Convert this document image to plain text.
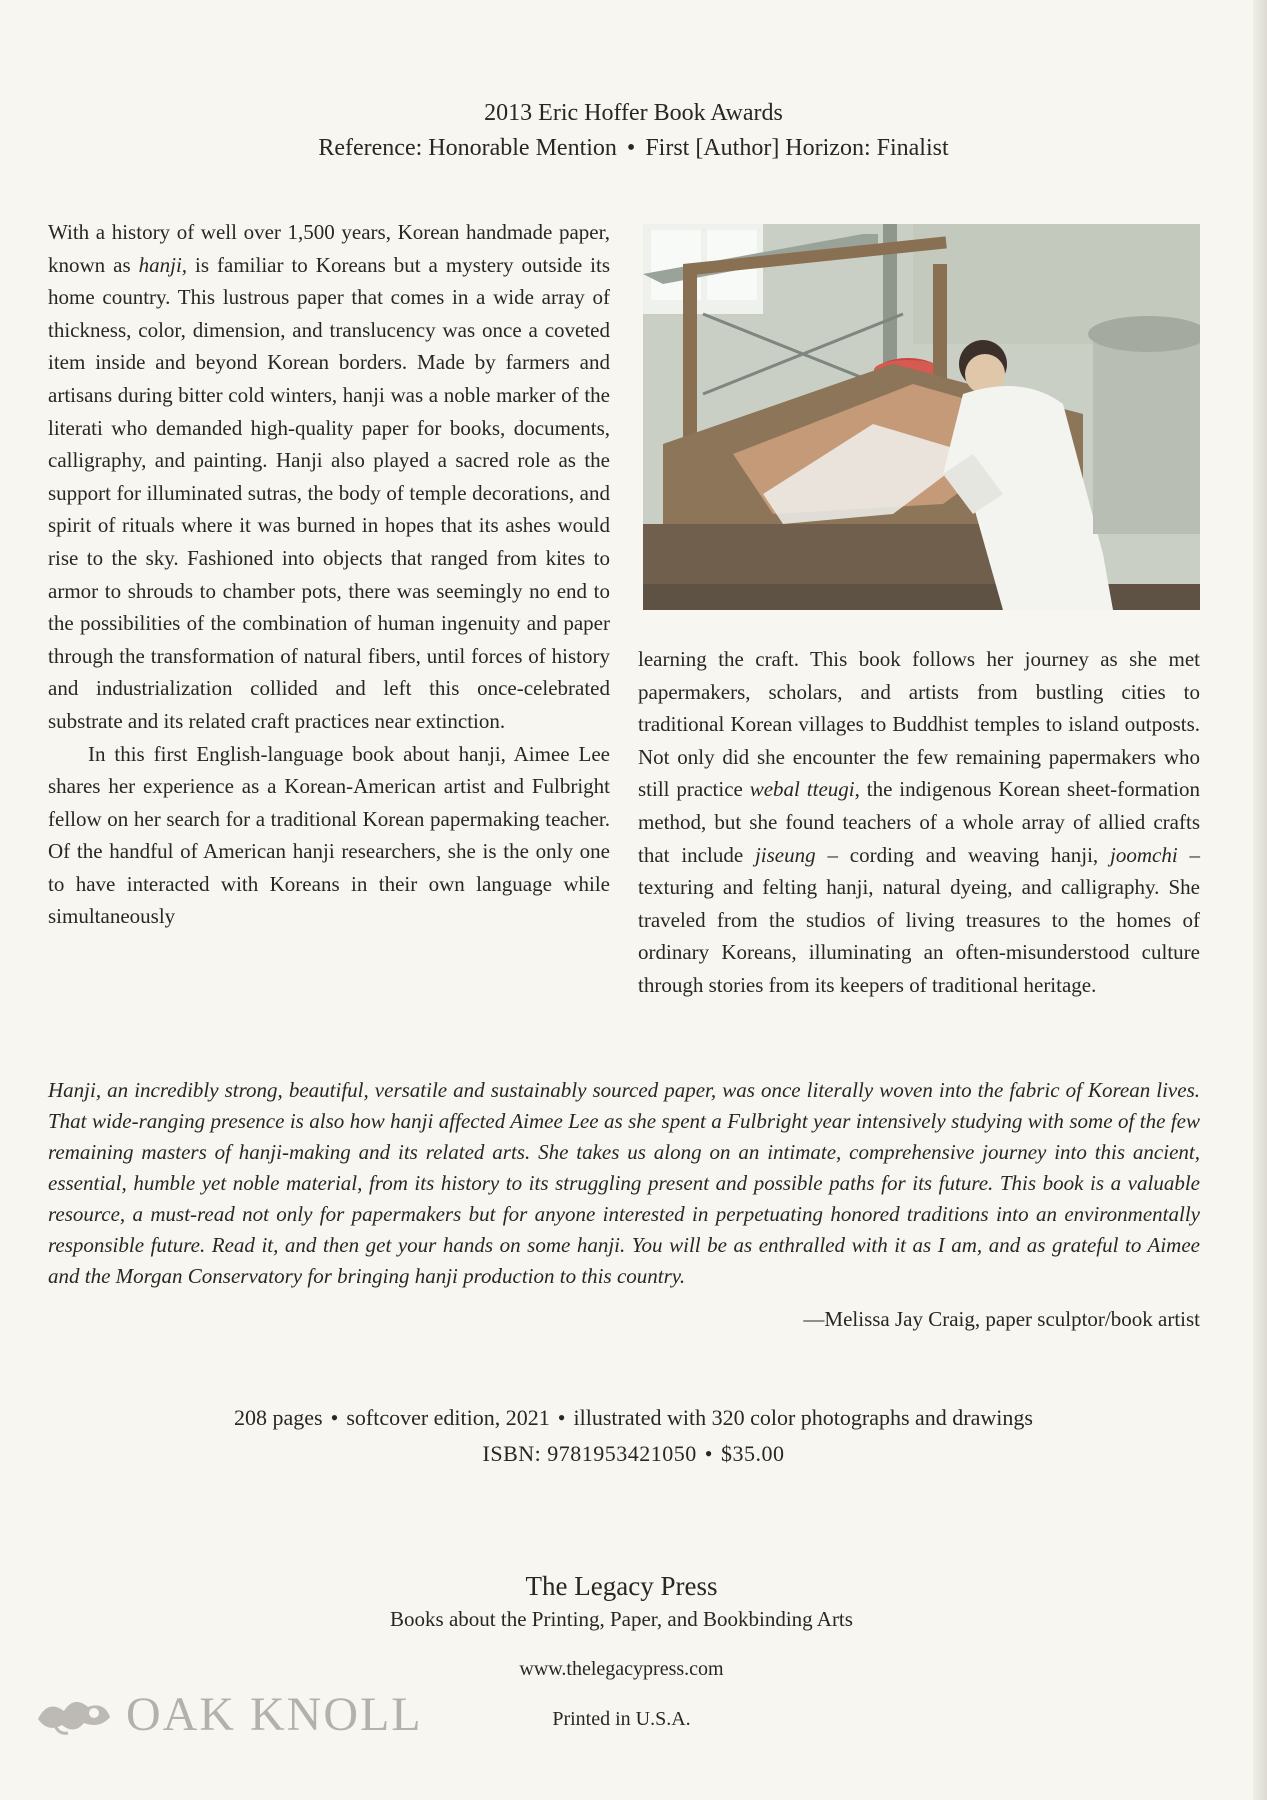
2013 Eric Hoffer Book Awards
Reference: Honorable Mention • First [Author] Horizon: Finalist

With a history of well over 1,500 years, Korean handmade paper, known as hanji, is familiar to Koreans but a mystery outside its home country. This lustrous paper that comes in a wide array of thickness, color, dimension, and translucency was once a coveted item inside and beyond Korean borders. Made by farmers and artisans during bitter cold winters, hanji was a noble marker of the literati who demanded high-quality paper for books, documents, calligraphy, and painting. Hanji also played a sacred role as the support for illuminated sutras, the body of temple decorations, and spirit of rituals where it was burned in hopes that its ashes would rise to the sky. Fashioned into objects that ranged from kites to armor to shrouds to chamber pots, there was seemingly no end to the possibilities of the combination of human ingenuity and paper through the transformation of natural fibers, until forces of history and industrialization collided and left this once-celebrated substrate and its related craft practices near extinction.

In this first English-language book about hanji, Aimee Lee shares her experience as a Korean-American artist and Fulbright fellow on her search for a traditional Korean papermaking teacher. Of the handful of American hanji researchers, she is the only one to have interacted with Koreans in their own language while simultaneously

learning the craft. This book follows her journey as she met papermakers, scholars, and artists from bustling cities to traditional Korean villages to Buddhist temples to island outposts. Not only did she encounter the few remaining papermakers who still practice webal tteugi, the indigenous Korean sheet-formation method, but she found teachers of a whole array of allied crafts that include jiseung – cording and weaving hanji, joomchi – texturing and felting hanji, natural dyeing, and calligraphy. She traveled from the studios of living treasures to the homes of ordinary Koreans, illuminating an often-misunderstood culture through stories from its keepers of traditional heritage.

Hanji, an incredibly strong, beautiful, versatile and sustainably sourced paper, was once literally woven into the fabric of Korean lives. That wide-ranging presence is also how hanji affected Aimee Lee as she spent a Fulbright year intensively studying with some of the few remaining masters of hanji-making and its related arts. She takes us along on an intimate, comprehensive journey into this ancient, essential, humble yet noble material, from its history to its struggling present and possible paths for its future. This book is a valuable resource, a must-read not only for papermakers but for anyone interested in perpetuating honored traditions into an environmentally responsible future. Read it, and then get your hands on some hanji. You will be as enthralled with it as I am, and as grateful to Aimee and the Morgan Conservatory for bringing hanji production to this country.

—Melissa Jay Craig, paper sculptor/book artist
208 pages • softcover edition, 2021 • illustrated with 320 color photographs and drawings
ISBN: 9781953421050 • $35.00
The Legacy Press
Books about the Printing, Paper, and Bookbinding Arts
www.thelegacypress.com
Printed in U.S.A.
OAK KNOLL
